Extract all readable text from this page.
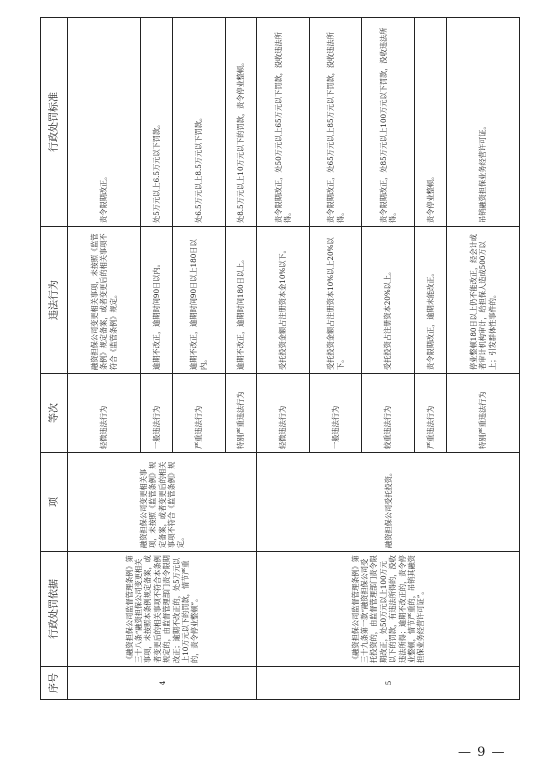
序号	行政处罚依据	项	等次	违法行为	行政处罚标准
4	《融资担保公司监督管理条例》第三十八条“融资担保公司变更相关事项，未按照本条例规定备案，或者变更后的相关事项不符合本条例规定的，由监督管理部门责令限期改正；逾期不改正的，处5万元以上10万元以下的罚款，情节严重的，责令停业整顿”。	融资担保公司变更相关事项，未按照《监管条例》规定备案，或者变更后的相关事项不符合《监管条例》规定。	轻微违法行为	融资担保公司变更相关事项，未按照《监管条例》规定备案，或者变更后的相关事项不符合《监管条例》规定。	责令限期改正。
			一般违法行为	逾期不改正，逾期时间90日以内。	处5万元以上6.5万元以下罚款。
			严重违法行为	逾期不改正，逾期时间90日以上180日以内。	处6.5万元以上8.5万元以下罚款。
			特别严重违法行为	逾期不改正，逾期时间180日以上。	处8.5万元以上10万元以下的罚款，责令停业整顿。
5	《融资担保公司监督管理条例》第三十九条第一款“融资担保公司受托投资的，由监督管理部门责令限期改正，处50万元以上100万元以下的罚款，有违法所得的，没收违法所得；逾期不改正的，责令停业整顿，情节严重的，吊销其融资担保业务经营许可证”。	融资担保公司受托投资。	轻微违法行为	受托投资金额占注册资本金10%以下。	责令限期改正，处50万元以上65万元以下罚款，没收违法所得。
			一般违法行为	受托投资金额占注册资本10%以上20%以下。	责令限期改正，处65万元以上85万元以下罚款，没收违法所得。
			较重违法行为	受托投资占注册资本20%以上。	责令限期改正，处85万元以上100万元以下罚款，没收违法所得。
			严重违法行为	责令限期改正，逾期未能改正。	责令停业整顿。
			特别严重违法行为	停业整顿180日以上仍不能改正，经会计或者审计机构审计，给担保人造成500万以上；引发群体性事件的。	吊销融资担保业务经营许可证。
— 9 —
